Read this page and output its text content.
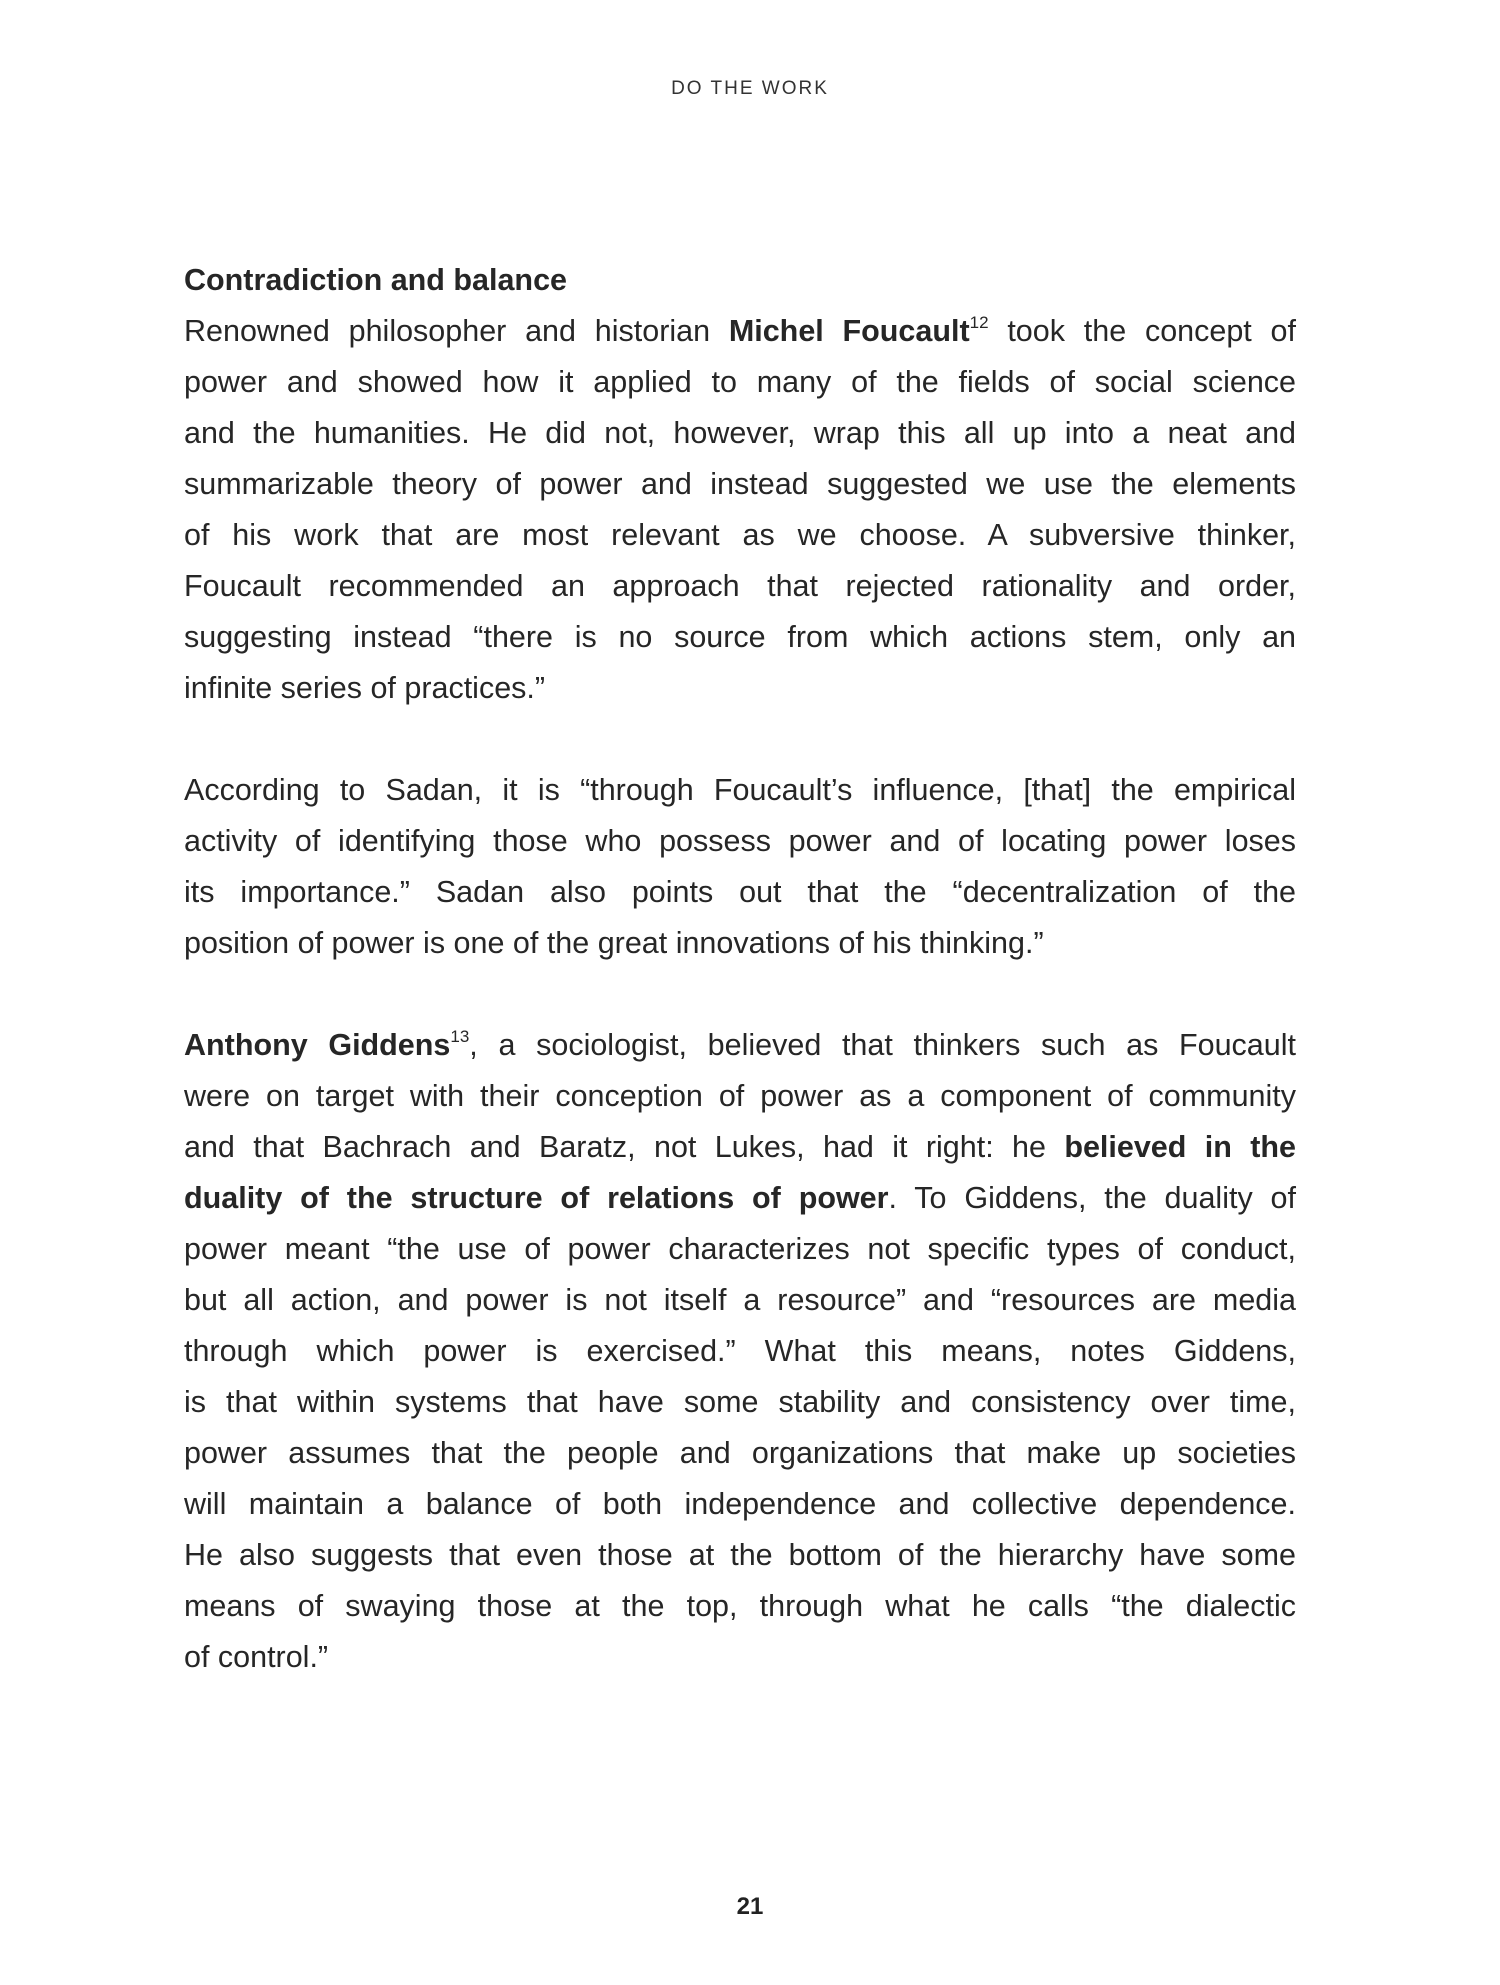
DO THE WORK
Contradiction and balance
Renowned philosopher and historian Michel Foucault$^{12}$ took the concept of
power and showed how it applied to many of the fields of social science
and the humanities. He did not, however, wrap this all up into a neat and
summarizable theory of power and instead suggested we use the elements
of his work that are most relevant as we choose. A subversive thinker,
Foucault recommended an approach that rejected rationality and order,
suggesting instead “there is no source from which actions stem, only an
infinite series of practices.”
According to Sadan, it is “through Foucault’s influence, [that] the empirical
activity of identifying those who possess power and of locating power loses
its importance.” Sadan also points out that the “decentralization of the
position of power is one of the great innovations of his thinking.”
Anthony Giddens$^{13}$, a sociologist, believed that thinkers such as Foucault
were on target with their conception of power as a component of community
and that Bachrach and Baratz, not Lukes, had it right: he believed in the
duality of the structure of relations of power. To Giddens, the duality of
power meant “the use of power characterizes not specific types of conduct,
but all action, and power is not itself a resource” and “resources are media
through which power is exercised.” What this means, notes Giddens,
is that within systems that have some stability and consistency over time,
power assumes that the people and organizations that make up societies
will maintain a balance of both independence and collective dependence.
He also suggests that even those at the bottom of the hierarchy have some
means of swaying those at the top, through what he calls “the dialectic
of control.”
21
